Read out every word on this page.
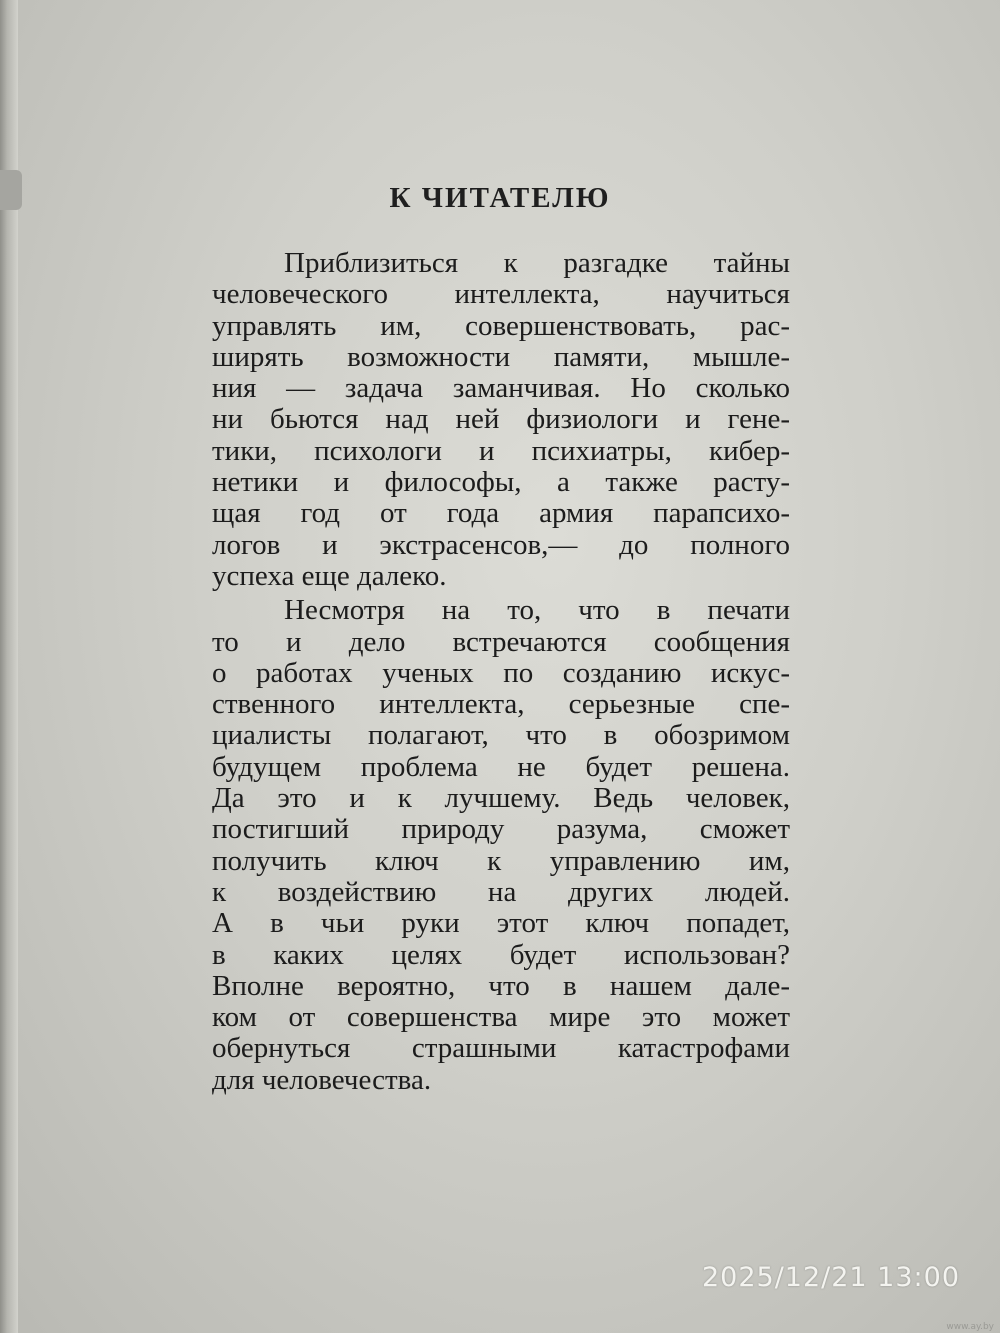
К ЧИТАТЕЛЮ
Приблизиться к разгадке тайны
человеческого интеллекта, научиться
управлять им, совершенствовать, рас-
ширять возможности памяти, мышле-
ния — задача заманчивая. Но сколько
ни бьются над ней физиологи и гене-
тики, психологи и психиатры, кибер-
нетики и философы, а также расту-
щая год от года армия парапсихо-
логов и экстрасенсов,— до полного
успеха еще далеко.
Несмотря на то, что в печати
то и дело встречаются сообщения
о работах ученых по созданию искус-
ственного интеллекта, серьезные спе-
циалисты полагают, что в обозримом
будущем проблема не будет решена.
Да это и к лучшему. Ведь человек,
постигший природу разума, сможет
получить ключ к управлению им,
к воздействию на других людей.
А в чьи руки этот ключ попадет,
в каких целях будет использован?
Вполне вероятно, что в нашем дале-
ком от совершенства мире это может
обернуться страшными катастрофами
для человечества.
2025/12/21 13:00
www.ay.by
